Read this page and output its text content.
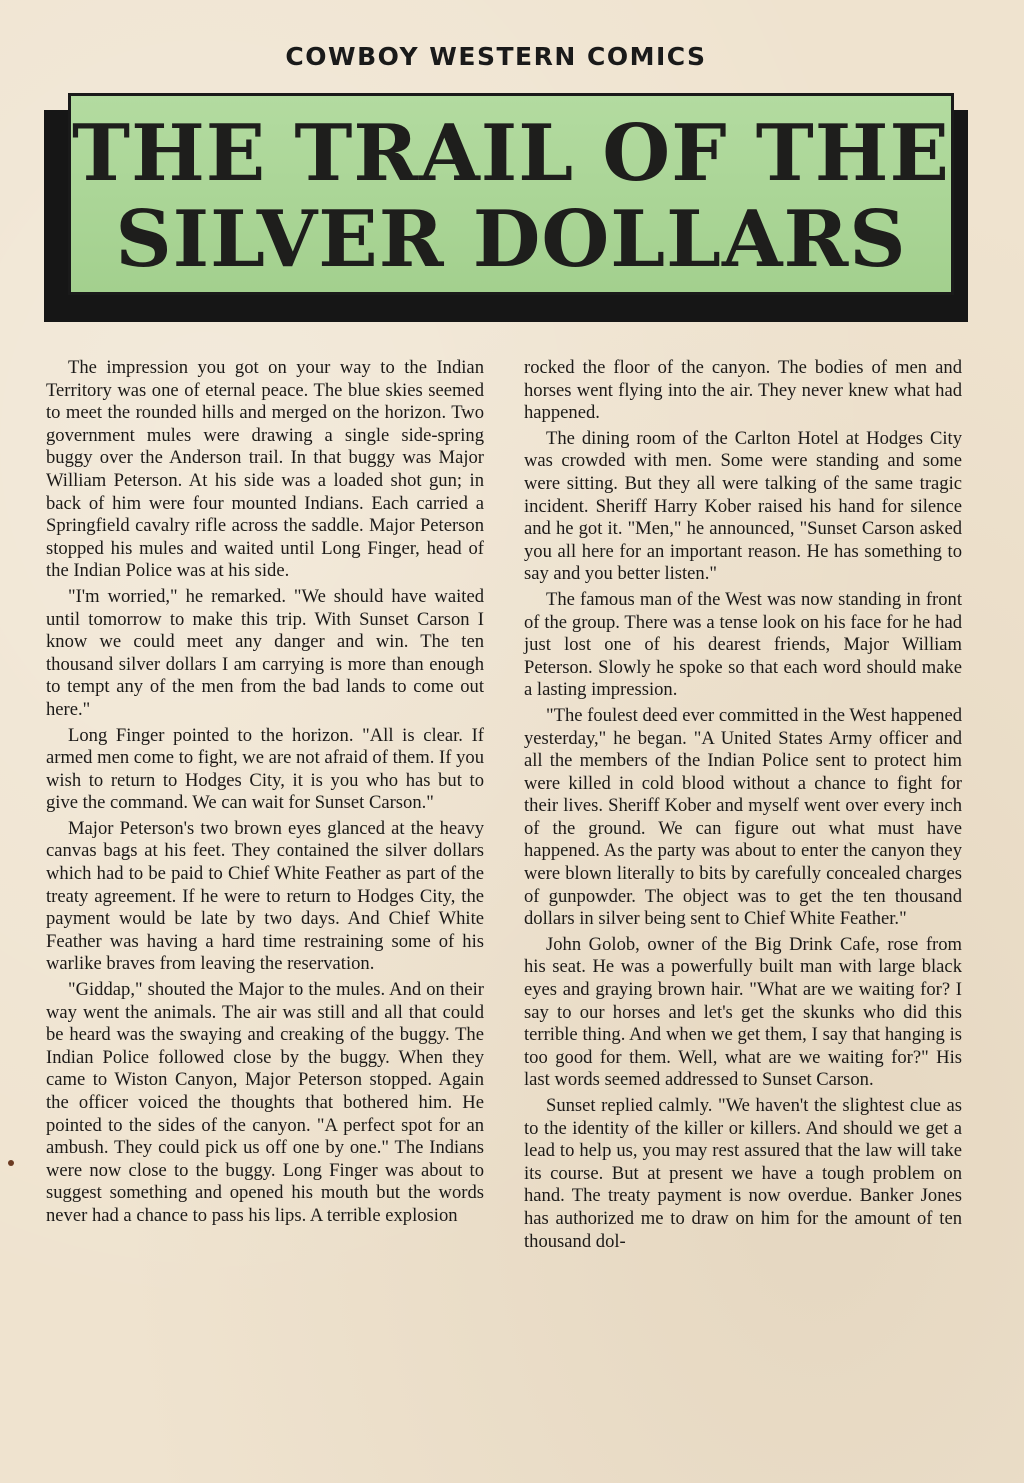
COWBOY WESTERN COMICS
THE TRAIL OF THE
SILVER DOLLARS

The impression you got on your way to the Indian Territory was one of eternal peace. The blue skies seemed to meet the rounded hills and merged on the horizon. Two government mules were drawing a single side-spring buggy over the Anderson trail. In that buggy was Major William Peterson. At his side was a loaded shot gun; in back of him were four mounted Indians. Each carried a Springfield cavalry rifle across the saddle. Major Peterson stopped his mules and waited until Long Finger, head of the Indian Police was at his side.

"I'm worried," he remarked. "We should have waited until tomorrow to make this trip. With Sunset Carson I know we could meet any danger and win. The ten thousand silver dollars I am carrying is more than enough to tempt any of the men from the bad lands to come out here."

Long Finger pointed to the horizon. "All is clear. If armed men come to fight, we are not afraid of them. If you wish to return to Hodges City, it is you who has but to give the command. We can wait for Sunset Carson."

Major Peterson's two brown eyes glanced at the heavy canvas bags at his feet. They contained the silver dollars which had to be paid to Chief White Feather as part of the treaty agreement. If he were to return to Hodges City, the payment would be late by two days. And Chief White Feather was having a hard time restraining some of his warlike braves from leaving the reservation.

"Giddap," shouted the Major to the mules. And on their way went the animals. The air was still and all that could be heard was the swaying and creaking of the buggy. The Indian Police followed close by the buggy. When they came to Wiston Canyon, Major Peterson stopped. Again the officer voiced the thoughts that bothered him. He pointed to the sides of the canyon. "A perfect spot for an ambush. They could pick us off one by one." The Indians were now close to the buggy. Long Finger was about to suggest something and opened his mouth but the words never had a chance to pass his lips. A terrible explosion

rocked the floor of the canyon. The bodies of men and horses went flying into the air. They never knew what had happened.

The dining room of the Carlton Hotel at Hodges City was crowded with men. Some were standing and some were sitting. But they all were talking of the same tragic incident. Sheriff Harry Kober raised his hand for silence and he got it. "Men," he announced, "Sunset Carson asked you all here for an important reason. He has something to say and you better listen."

The famous man of the West was now standing in front of the group. There was a tense look on his face for he had just lost one of his dearest friends, Major William Peterson. Slowly he spoke so that each word should make a lasting impression.

"The foulest deed ever committed in the West happened yesterday," he began. "A United States Army officer and all the members of the Indian Police sent to protect him were killed in cold blood without a chance to fight for their lives. Sheriff Kober and myself went over every inch of the ground. We can figure out what must have happened. As the party was about to enter the canyon they were blown literally to bits by carefully concealed charges of gunpowder. The object was to get the ten thousand dollars in silver being sent to Chief White Feather."

John Golob, owner of the Big Drink Cafe, rose from his seat. He was a powerfully built man with large black eyes and graying brown hair. "What are we waiting for? I say to our horses and let's get the skunks who did this terrible thing. And when we get them, I say that hanging is too good for them. Well, what are we waiting for?" His last words seemed addressed to Sunset Carson.

Sunset replied calmly. "We haven't the slightest clue as to the identity of the killer or killers. And should we get a lead to help us, you may rest assured that the law will take its course. But at present we have a tough problem on hand. The treaty payment is now overdue. Banker Jones has authorized me to draw on him for the amount of ten thousand dol-
